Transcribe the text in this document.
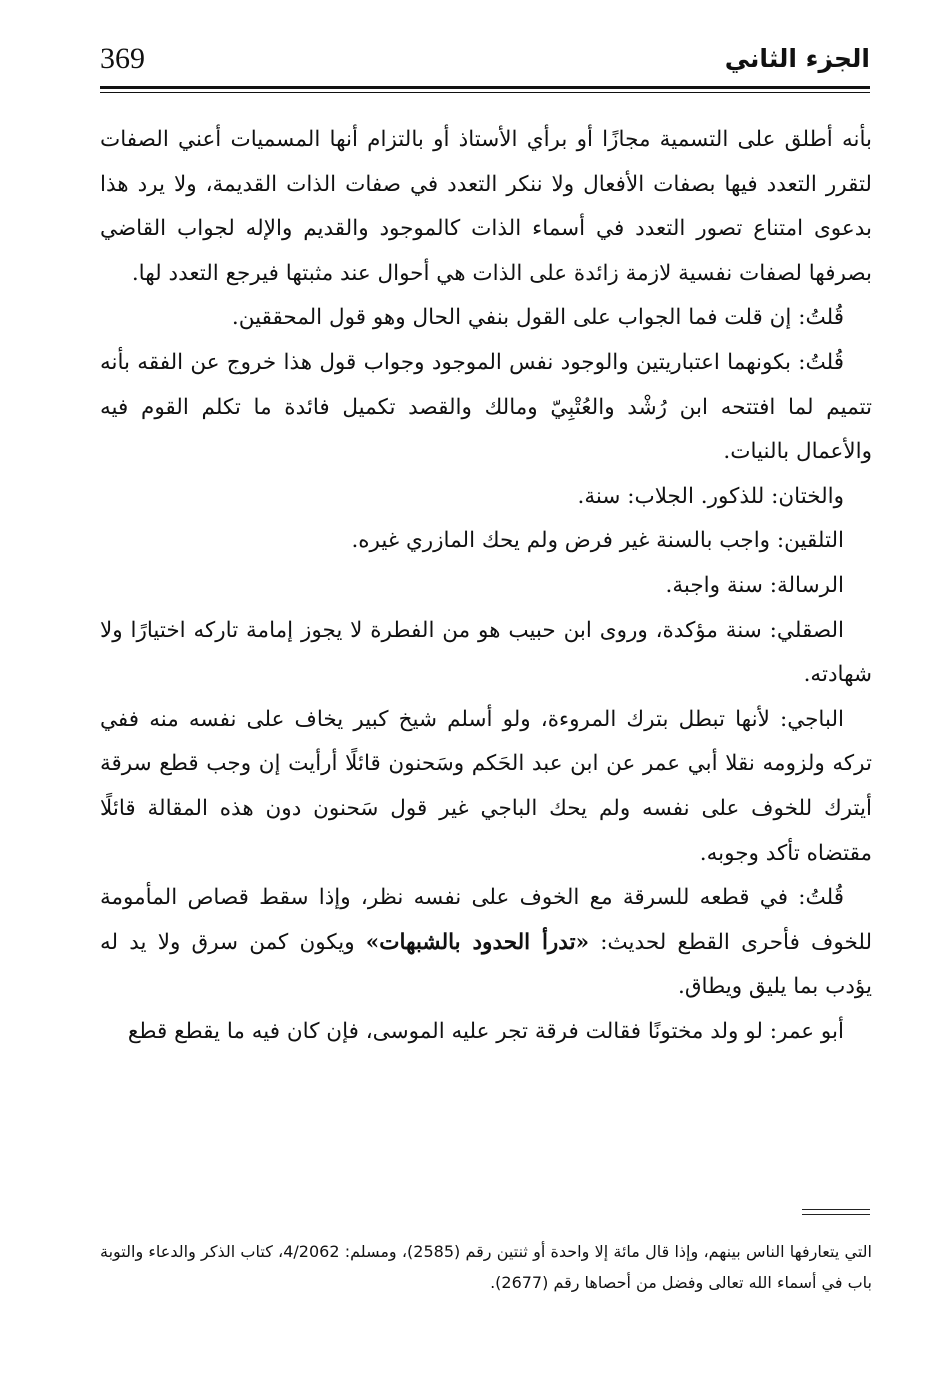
369	الجزء الثاني

بأنه أطلق على التسمية مجازًا أو برأي الأستاذ أو بالتزام أنها المسميات أعني الصفات لتقرر التعدد فيها بصفات الأفعال ولا ننكر التعدد في صفات الذات القديمة، ولا يرد هذا بدعوى امتناع تصور التعدد في أسماء الذات كالموجود والقديم والإله لجواب القاضي بصرفها لصفات نفسية لازمة زائدة على الذات هي أحوال عند مثبتها فيرجع التعدد لها.

قُلتُ: إن قلت فما الجواب على القول بنفي الحال وهو قول المحققين.

قُلتُ: بكونهما اعتباريتين والوجود نفس الموجود وجواب قول هذا خروج عن الفقه بأنه تتميم لما افتتحه ابن رُشْد والعُتْبِيّ ومالك والقصد تكميل فائدة ما تكلم القوم فيه والأعمال بالنيات.

والختان: للذكور. الجلاب: سنة.

التلقين: واجب بالسنة غير فرض ولم يحك المازري غيره.

الرسالة: سنة واجبة.

الصقلي: سنة مؤكدة، وروى ابن حبيب هو من الفطرة لا يجوز إمامة تاركه اختيارًا ولا شهادته.

الباجي: لأنها تبطل بترك المروءة، ولو أسلم شيخ كبير يخاف على نفسه منه ففي تركه ولزومه نقلا أبي عمر عن ابن عبد الحَكم وسَحنون قائلًا أرأيت إن وجب قطع سرقة أيترك للخوف على نفسه ولم يحك الباجي غير قول سَحنون دون هذه المقالة قائلًا مقتضاه تأكد وجوبه.

قُلتُ: في قطعه للسرقة مع الخوف على نفسه نظر، وإذا سقط قصاص المأمومة للخوف فأحرى القطع لحديث: «تدرأ الحدود بالشبهات» ويكون كمن سرق ولا يد له يؤدب بما يليق ويطاق.

أبو عمر: لو ولد مختونًا فقالت فرقة تجر عليه الموسى، فإن كان فيه ما يقطع قطع

التي يتعارفها الناس بينهم، وإذا قال مائة إلا واحدة أو ثنتين رقم (2585)، ومسلم: 4/2062، كتاب الذكر والدعاء والتوبة باب في أسماء الله تعالى وفضل من أحصاها رقم (2677).
